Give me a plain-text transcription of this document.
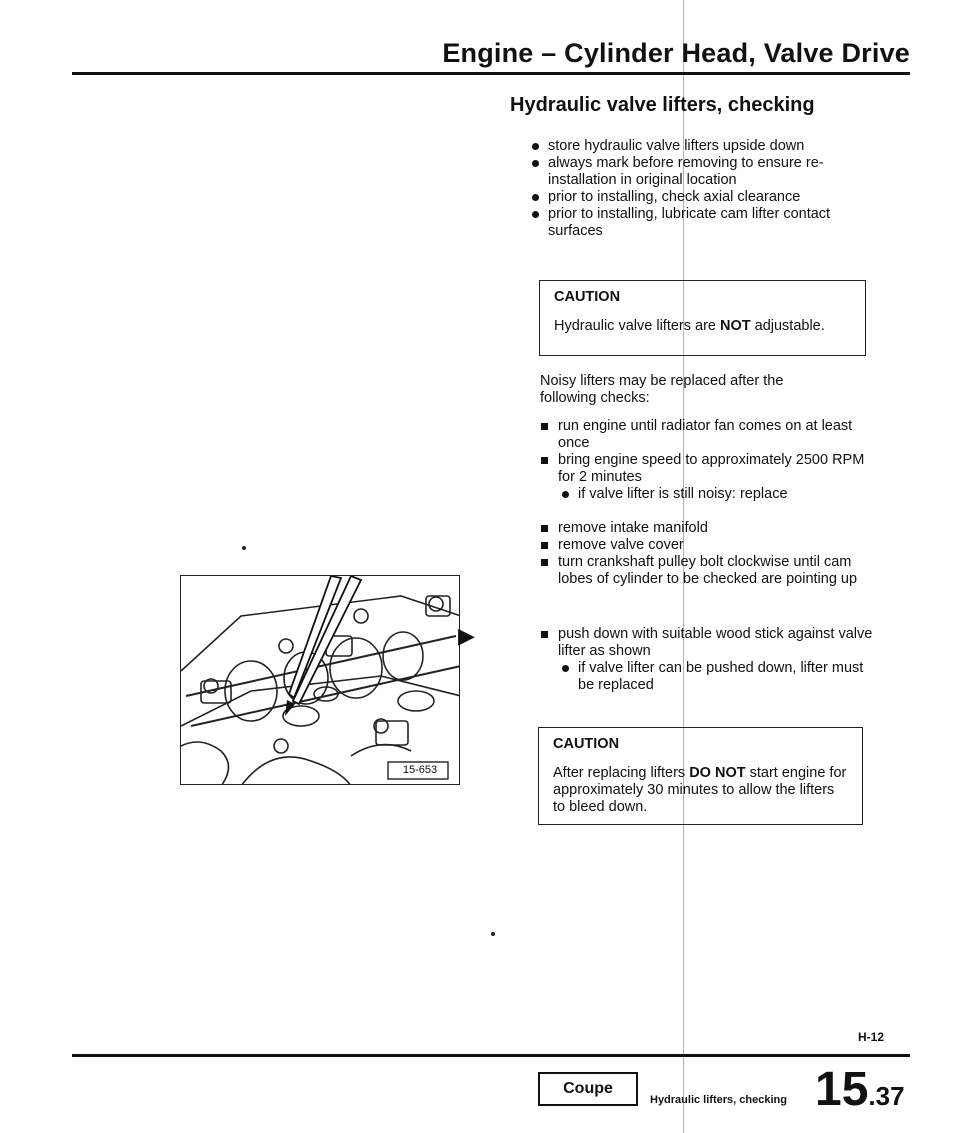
Engine – Cylinder Head, Valve Drive
Hydraulic valve lifters, checking
store hydraulic valve lifters upside down
always mark before removing to ensure re-installation in original location
prior to installing, check axial clearance
prior to installing, lubricate cam lifter contact surfaces
CAUTION
Hydraulic valve lifters are NOT adjustable.
Noisy lifters may be replaced after the following checks:
run engine until radiator fan comes on at least once
bring engine speed to approximately 2500 RPM for 2 minutes
if valve lifter is still noisy: replace
remove intake manifold
remove valve cover
turn crankshaft pulley bolt clockwise until cam lobes of cylinder to be checked are pointing up
push down with suitable wood stick against valve lifter as shown
if valve lifter can be pushed down, lifter must be replaced
CAUTION
After replacing lifters DO NOT start engine for approximately 30 minutes to allow the lifters to bleed down.
15-653
▶
H-12
Coupe
Hydraulic lifters, checking 15.37
